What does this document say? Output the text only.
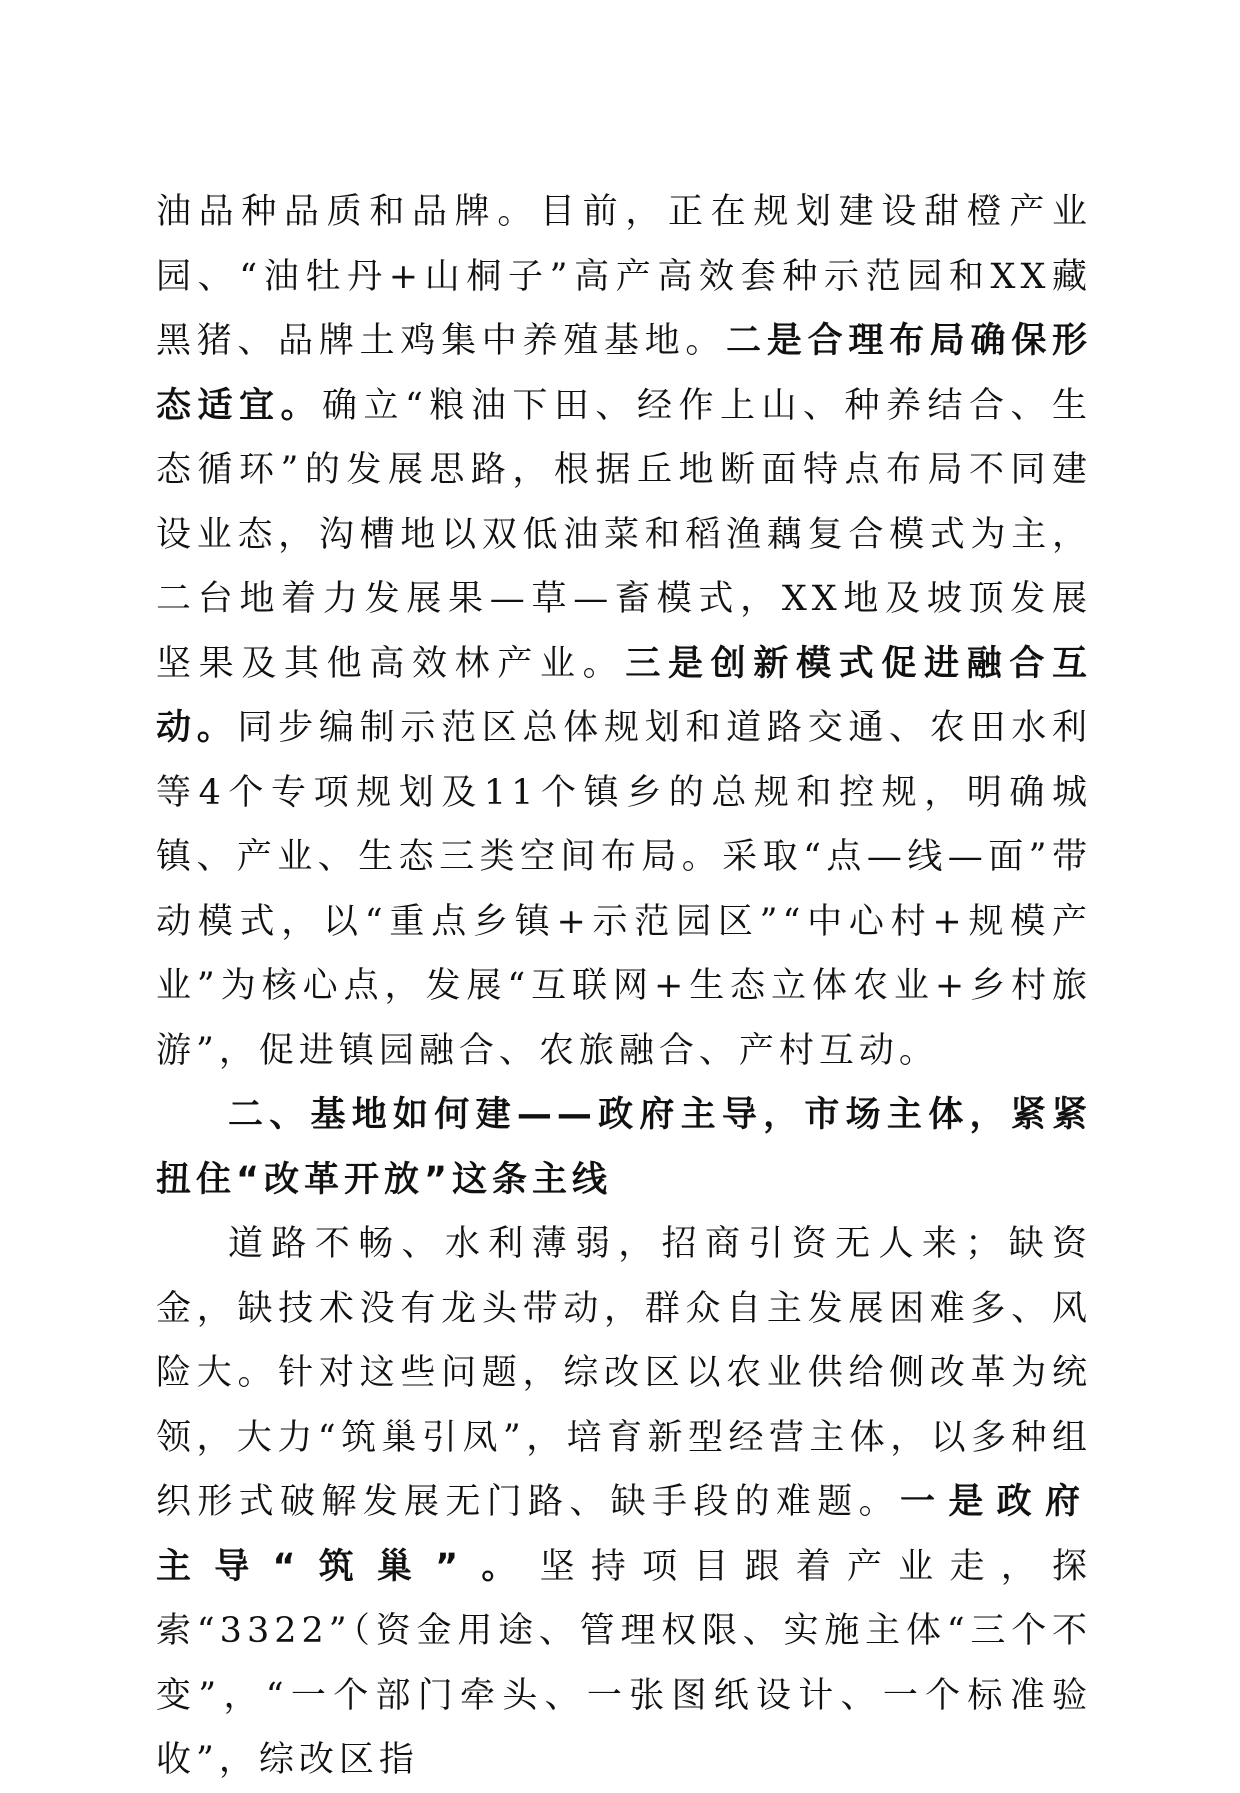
油品种品质和品牌。目前，正在规划建设甜橙产业园、“油牡丹+山桐子”高产高效套种示范园和XX藏黑猪、品牌土鸡集中养殖基地。二是合理布局确保形态适宜。确立“粮油下田、经作上山、种养结合、生态循环”的发展思路，根据丘地断面特点布局不同建设业态，沟槽地以双低油菜和稻渔藕复合模式为主，二台地着力发展果—草—畜模式，XX地及坡顶发展坚果及其他高效林产业。三是创新模式促进融合互动。同步编制示范区总体规划和道路交通、农田水利等4个专项规划及11个镇乡的总规和控规，明确城镇、产业、生态三类空间布局。采取“点—线—面”带动模式，以“重点乡镇+示范园区”“中心村+规模产业”为核心点，发展“互联网+生态立体农业+乡村旅游”，促进镇园融合、农旅融合、产村互动。

二、基地如何建——政府主导，市场主体，紧紧扭住“改革开放”这条主线

道路不畅、水利薄弱，招商引资无人来；缺资金，缺技术没有龙头带动，群众自主发展困难多、风险大。针对这些问题，综改区以农业供给侧改革为统领，大力“筑巢引凤”，培育新型经营主体，以多种组织形式破解发展无门路、缺手段的难题。一是政府主导“筑巢”。坚持项目跟着产业走，探索“3322”（资金用途、管理权限、实施主体“三个不变”，“一个部门牵头、一张图纸设计、一个标准验收”，综改区指
